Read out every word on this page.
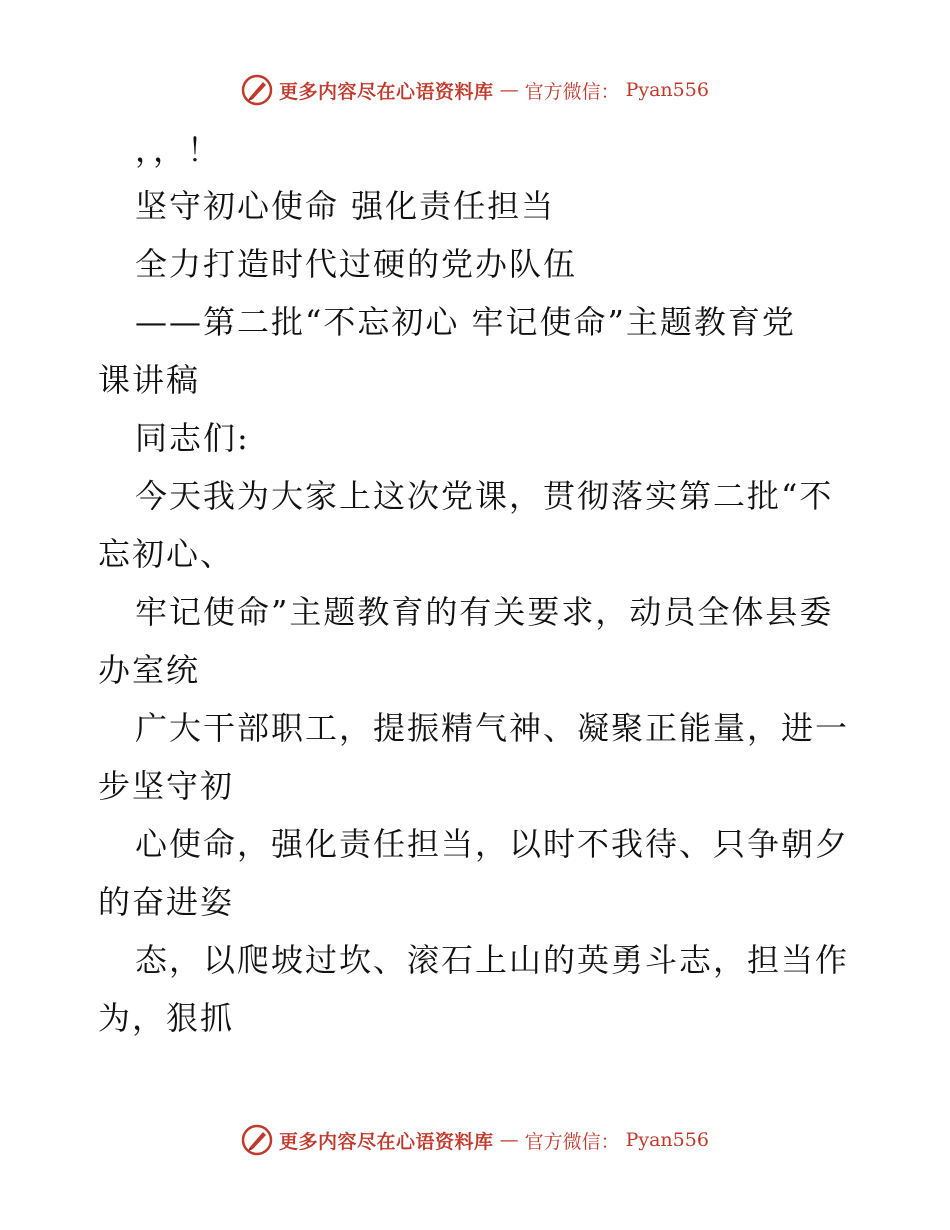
更多内容尽在心语资料库 — 官方微信： Pyan556
，，！
坚守初心使命 强化责任担当
全力打造时代过硬的党办队伍
——第二批“不忘初心 牢记使命”主题教育党
课讲稿
同志们:
今天我为大家上这次党课，贯彻落实第二批“不
忘初心、
牢记使命”主题教育的有关要求，动员全体县委
办室统
广大干部职工，提振精气神、凝聚正能量，进一
步坚守初
心使命，强化责任担当，以时不我待、只争朝夕
的奋进姿
态，以爬坡过坎、滚石上山的英勇斗志，担当作
为，狠抓
更多内容尽在心语资料库 — 官方微信： Pyan556
